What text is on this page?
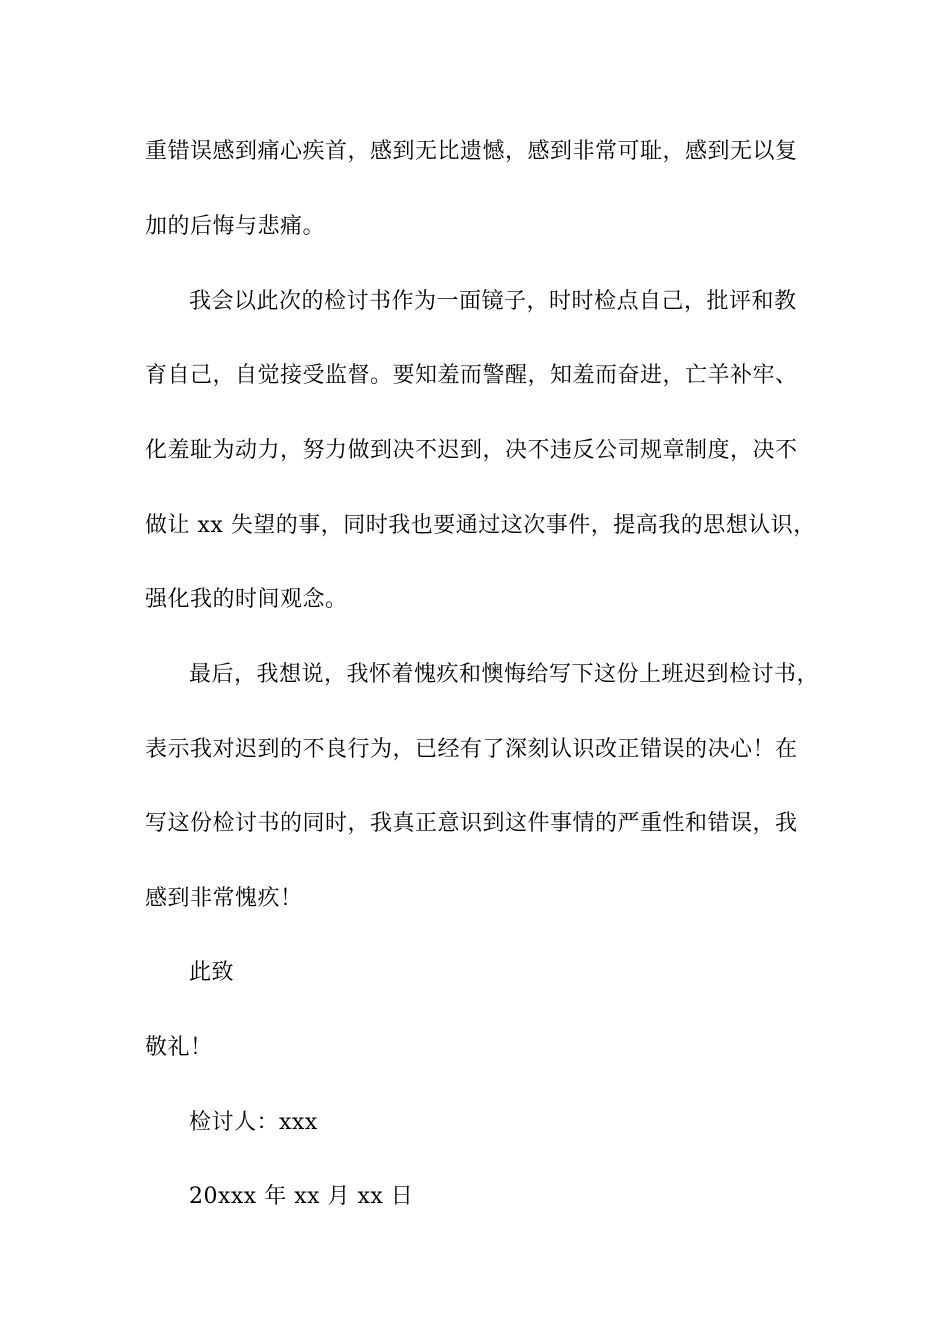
重错误感到痛心疾首，感到无比遗憾，感到非常可耻，感到无以复
加的后悔与悲痛。
我会以此次的检讨书作为一面镜子，时时检点自己，批评和教
育自己，自觉接受监督。要知羞而警醒，知羞而奋进，亡羊补牢、
化羞耻为动力，努力做到决不迟到，决不违反公司规章制度，决不
做让 xx 失望的事，同时我也要通过这次事件，提高我的思想认识，
强化我的时间观念。
最后，我想说，我怀着愧疚和懊悔给写下这份上班迟到检讨书，
表示我对迟到的不良行为，已经有了深刻认识改正错误的决心！在
写这份检讨书的同时，我真正意识到这件事情的严重性和错误，我
感到非常愧疚！
此致
敬礼！
检讨人：xxx
20xxx 年 xx 月 xx 日
